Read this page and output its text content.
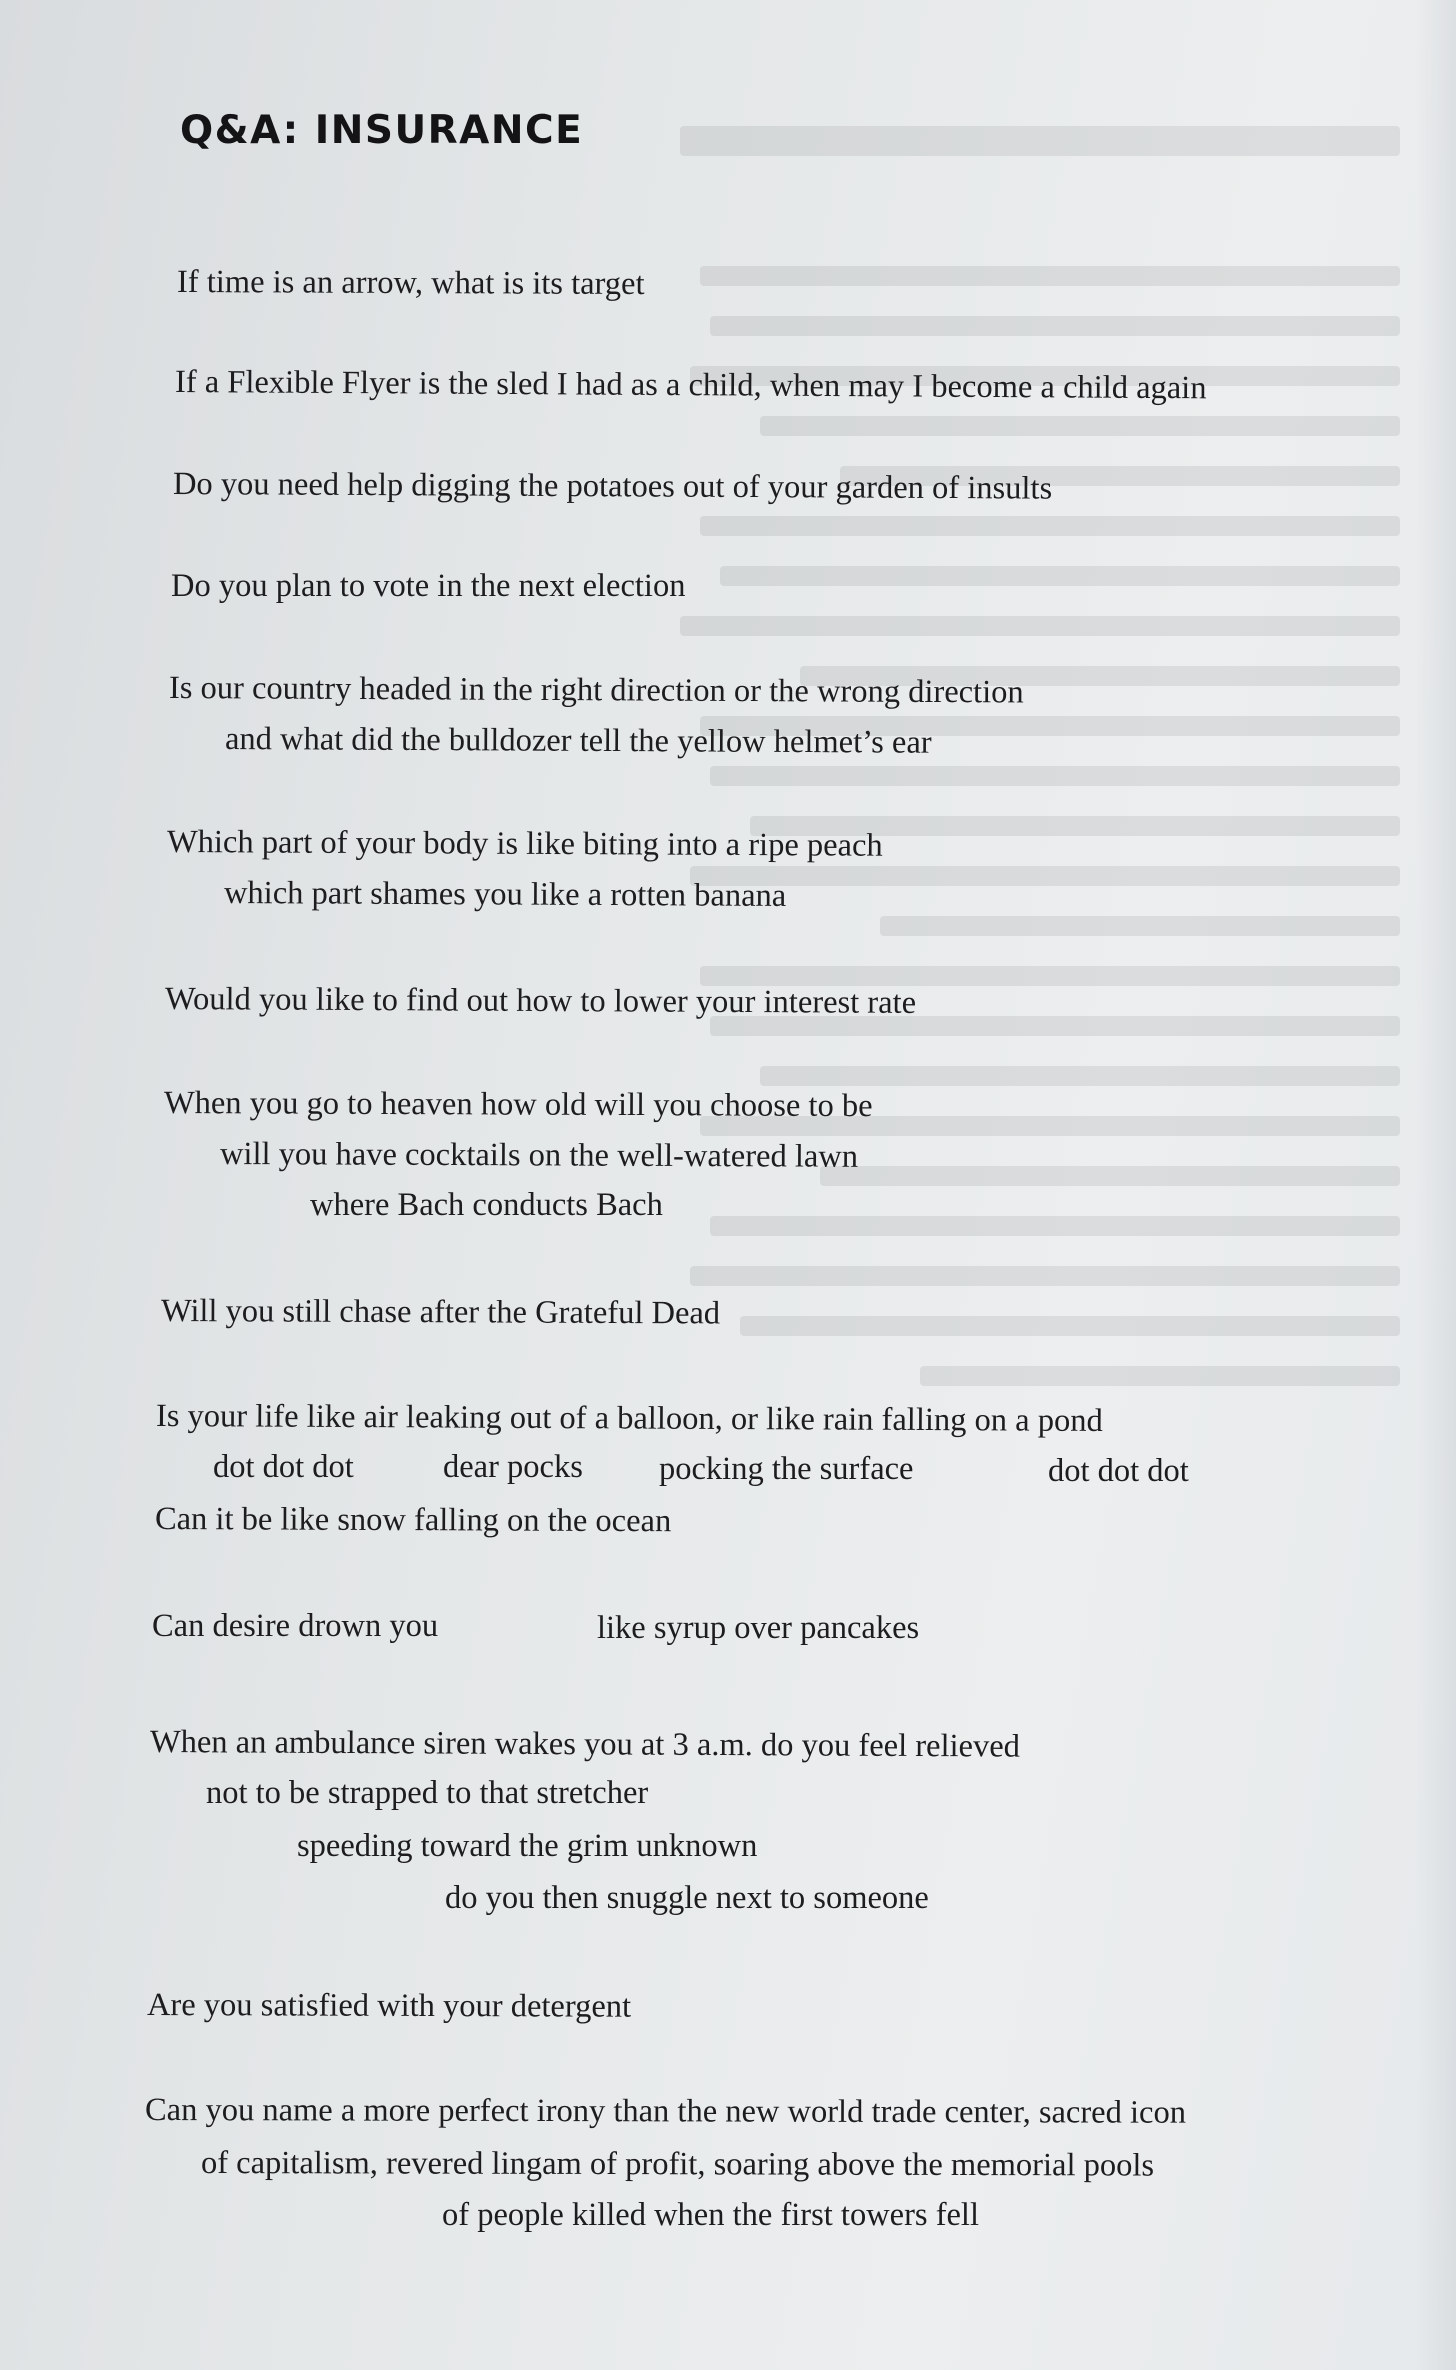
Q&A: INSURANCE
If time is an arrow, what is its target
If a Flexible Flyer is the sled I had as a child, when may I become a child again
Do you need help digging the potatoes out of your garden of insults
Do you plan to vote in the next election
Is our country headed in the right direction or the wrong direction
and what did the bulldozer tell the yellow helmet’s ear
Which part of your body is like biting into a ripe peach
which part shames you like a rotten banana
Would you like to find out how to lower your interest rate
When you go to heaven how old will you choose to be
will you have cocktails on the well-watered lawn
where Bach conducts Bach
Will you still chase after the Grateful Dead
Is your life like air leaking out of a balloon, or like rain falling on a pond
dot dot dot	dear pocks pocking the surface	dot dot dot
Can it be like snow falling on the ocean
Can desire drown you	like syrup over pancakes
When an ambulance siren wakes you at 3 a.m. do you feel relieved
not to be strapped to that stretcher
speeding toward the grim unknown
do you then snuggle next to someone
Are you satisfied with your detergent
Can you name a more perfect irony than the new world trade center, sacred icon
of capitalism, revered lingam of profit, soaring above the memorial pools
of people killed when the first towers fell
